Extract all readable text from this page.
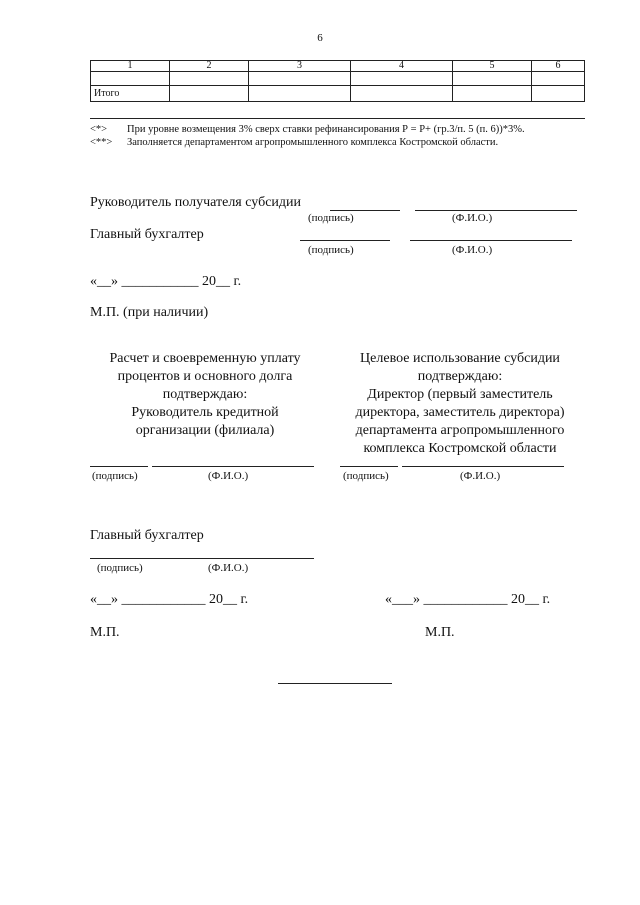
6
1	2	3	4	5	6

Итого					
<*> При уровне возмещения 3% сверх ставки рефинансирования Р = Р+ (гр.3/п. 5 (п. 6))*3%.
<**> Заполняется департаментом агропромышленного комплекса Костромской области.
Руководитель получателя субсидии
(подпись)	(Ф.И.О.)
Главный бухгалтер
(подпись)	(Ф.И.О.)
«__» ___________ 20__ г.
М.П. (при наличии)
Расчет и своевременную уплату
процентов и основного долга
подтверждаю:
Руководитель кредитной
организации (филиала)
Целевое использование субсидии
подтверждаю:
Директор (первый заместитель
директора, заместитель директора)
департамента агропромышленного
комплекса Костромской области
(подпись)	(Ф.И.О.)	(подпись)	(Ф.И.О.)
Главный бухгалтер
(подпись)	(Ф.И.О.)
«__» ____________ 20__ г.	«___» ____________ 20__ г.
М.П.	М.П.
